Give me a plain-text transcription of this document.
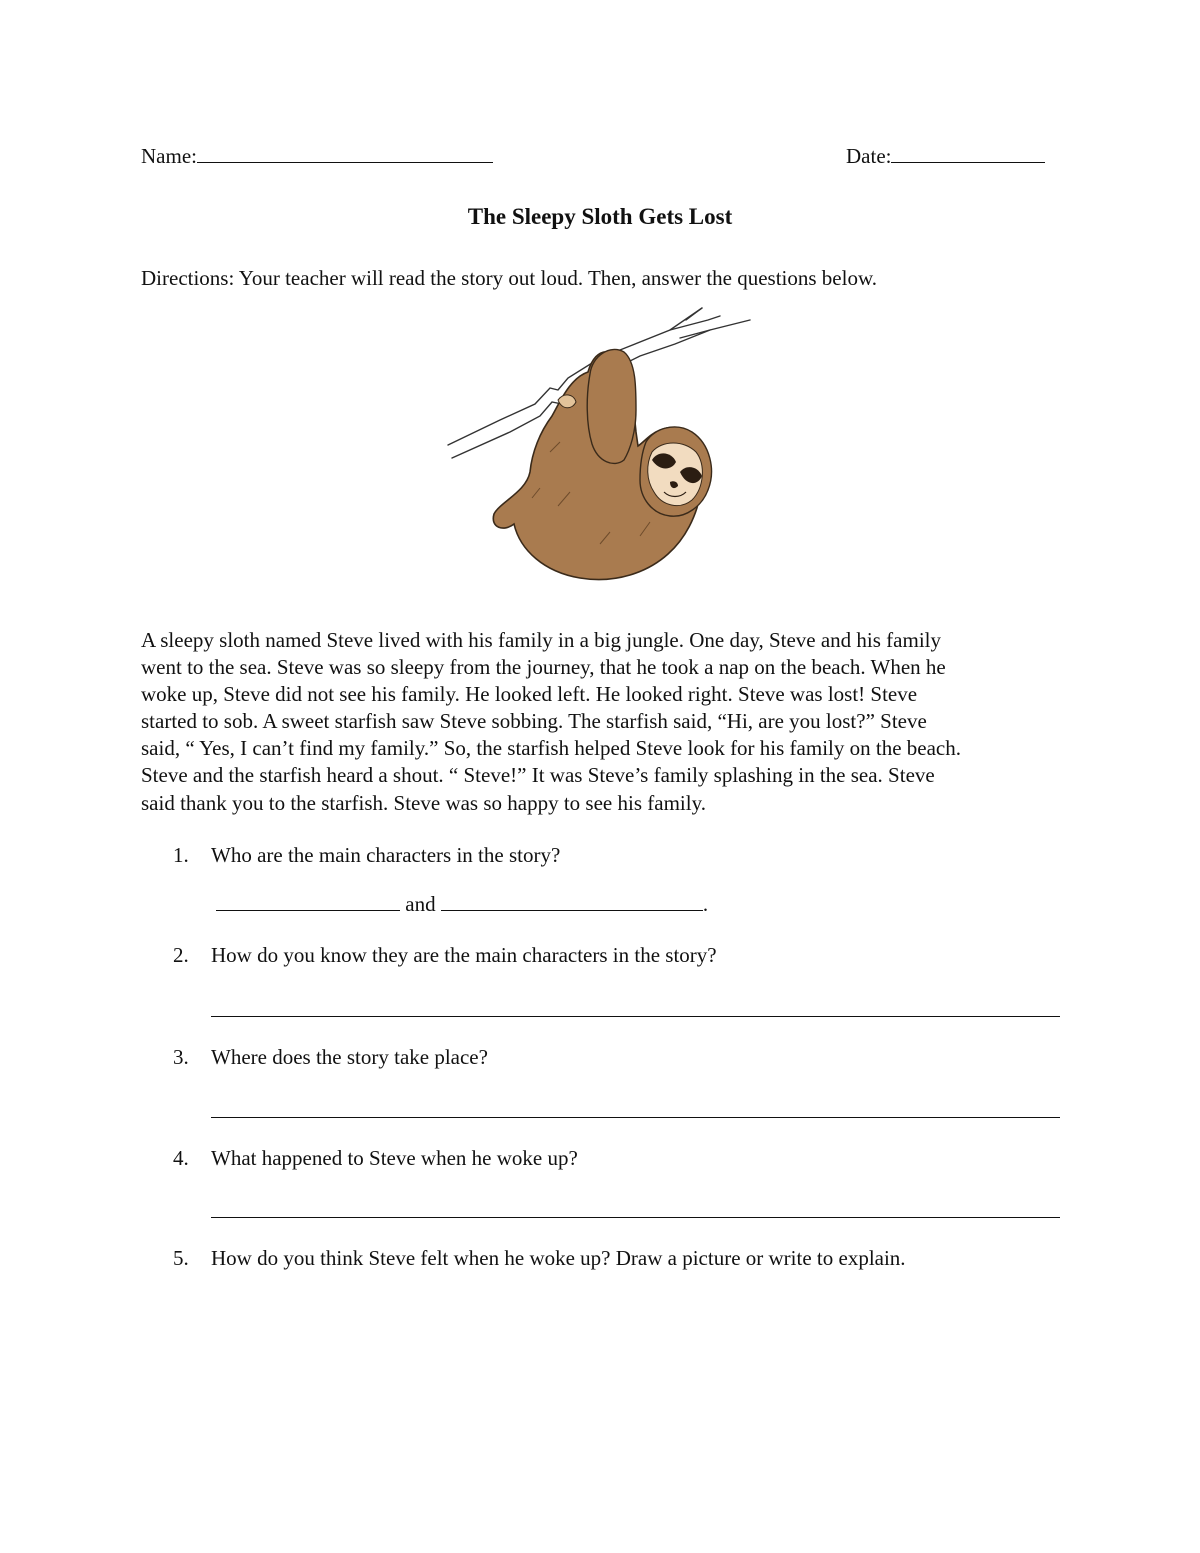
Name:	Date:
The Sleepy Sloth Gets Lost
Directions: Your teacher will read the story out loud. Then, answer the questions below.
A sleepy sloth named Steve lived with his family in a big jungle. One day, Steve and his family
went to the sea. Steve was so sleepy from the journey, that he took a nap on the beach. When he
woke up, Steve did not see his family. He looked left. He looked right. Steve was lost! Steve
started to sob. A sweet starfish saw Steve sobbing. The starfish said, “Hi, are you lost?” Steve
said, “ Yes, I can’t find my family.” So, the starfish helped Steve look for his family on the beach.
Steve and the starfish heard a shout. “ Steve!” It was Steve’s family splashing in the sea. Steve
said thank you to the starfish. Steve was so happy to see his family.
1. Who are the main characters in the story?
and	.
2. How do you know they are the main characters in the story?
3. Where does the story take place?
4. What happened to Steve when he woke up?
5. How do you think Steve felt when he woke up? Draw a picture or write to explain.
